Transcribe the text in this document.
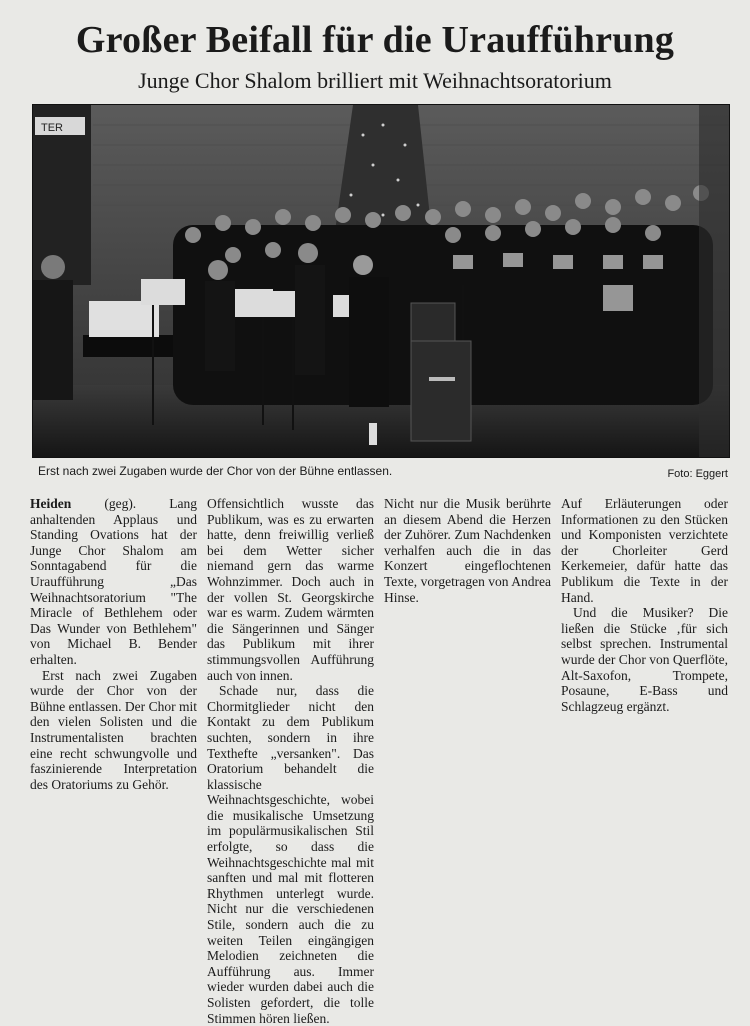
Großer Beifall für die Uraufführung
Junge Chor Shalom brilliert mit Weihnachtsoratorium
TER
Erst nach zwei Zugaben wurde der Chor von der Bühne entlassen.	Foto: Eggert

Heiden (geg). Lang anhaltenden Applaus und Standing Ovations hat der Junge Chor Shalom am Sonntagabend für die Uraufführung „Das Weihnachtsoratorium "The Miracle of Bethlehem oder Das Wunder von Bethlehem" von Michael B. Bender erhalten.

Erst nach zwei Zugaben wurde der Chor von der Bühne entlassen. Der Chor mit den vielen Solisten und die Instrumentalisten brachten eine recht schwungvolle und faszinierende Interpretation des Oratoriums zu Gehör.

Offensichtlich wusste das Publikum, was es zu erwarten hatte, denn freiwillig verließ bei dem Wetter sicher niemand gern das warme Wohnzimmer. Doch auch in der vollen St. Georgskirche war es warm. Zudem wärmten die Sängerinnen und Sänger das Publikum mit ihrer stimmungsvollen Aufführung auch von innen.

Schade nur, dass die Chormitglieder nicht den Kontakt zu dem Publikum suchten, sondern in ihre Texthefte „versanken". Das Oratorium behandelt die klassische Weihnachtsgeschichte, wobei die musikalische Umsetzung im populärmusikalischen Stil erfolgte, so dass die Weihnachtsgeschichte mal mit sanften und mal mit flotteren Rhythmen unterlegt wurde. Nicht nur die verschiedenen Stile, sondern auch die zu weiten Teilen eingängigen Melodien zeichneten die Aufführung aus. Immer wieder wurden dabei auch die Solisten gefordert, die tolle Stimmen hören ließen.

Nicht nur die Musik berührte an diesem Abend die Herzen der Zuhörer. Zum Nachdenken verhalfen auch die in das Konzert eingeflochtenen Texte, vorgetragen von Andrea Hinse.

Auf Erläuterungen oder Informationen zu den Stücken und Komponisten verzichtete der Chorleiter Gerd Kerkemeier, dafür hatte das Publikum die Texte in der Hand.

Und die Musiker? Die ließen die Stücke ‚für sich selbst sprechen. Instrumental wurde der Chor von Querflöte, Alt-Saxofon, Trompete, Posaune, E-Bass und Schlagzeug ergänzt.
